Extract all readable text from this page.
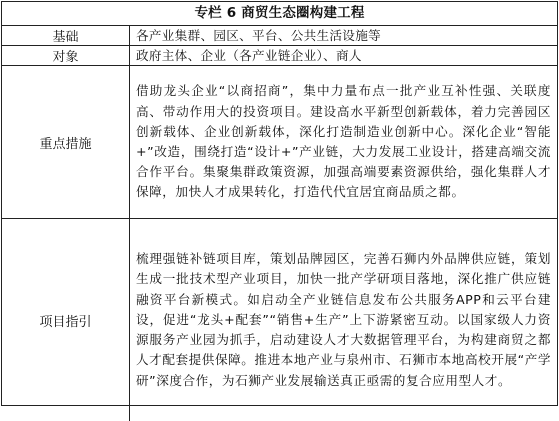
专栏 6 商贸生态圈构建工程
基础	各产业集群、园区、平台、公共生活设施等
对象	政府主体、企业（各产业链企业）、商人
重点措施	借助龙头企业“以商招商”，集中力量布点一批产业互补性强、关联度高、带动作用大的投资项目。建设高水平新型创新载体，着力完善园区创新载体、企业创新载体，深化打造制造业创新中心。深化企业“智能+”改造，围绕打造“设计+”产业链，大力发展工业设计，搭建高端交流合作平台。集聚集群政策资源，加强高端要素资源供给，强化集群人才保障，加快人才成果转化，打造代代宜居宜商品质之都。
项目指引	梳理强链补链项目库，策划品牌园区，完善石狮内外品牌供应链，策划生成一批技术型产业项目，加快一批产学研项目落地，深化推广供应链融资平台新模式。如启动全产业链信息发布公共服务APP和云平台建设，促进“龙头+配套”“销售+生产”上下游紧密互动。以国家级人力资源服务产业园为抓手，启动建设人才大数据管理平台，为构建商贸之都人才配套提供保障。推进本地产业与泉州市、石狮市本地高校开展“产学研”深度合作，为石狮产业发展输送真正亟需的复合应用型人才。
